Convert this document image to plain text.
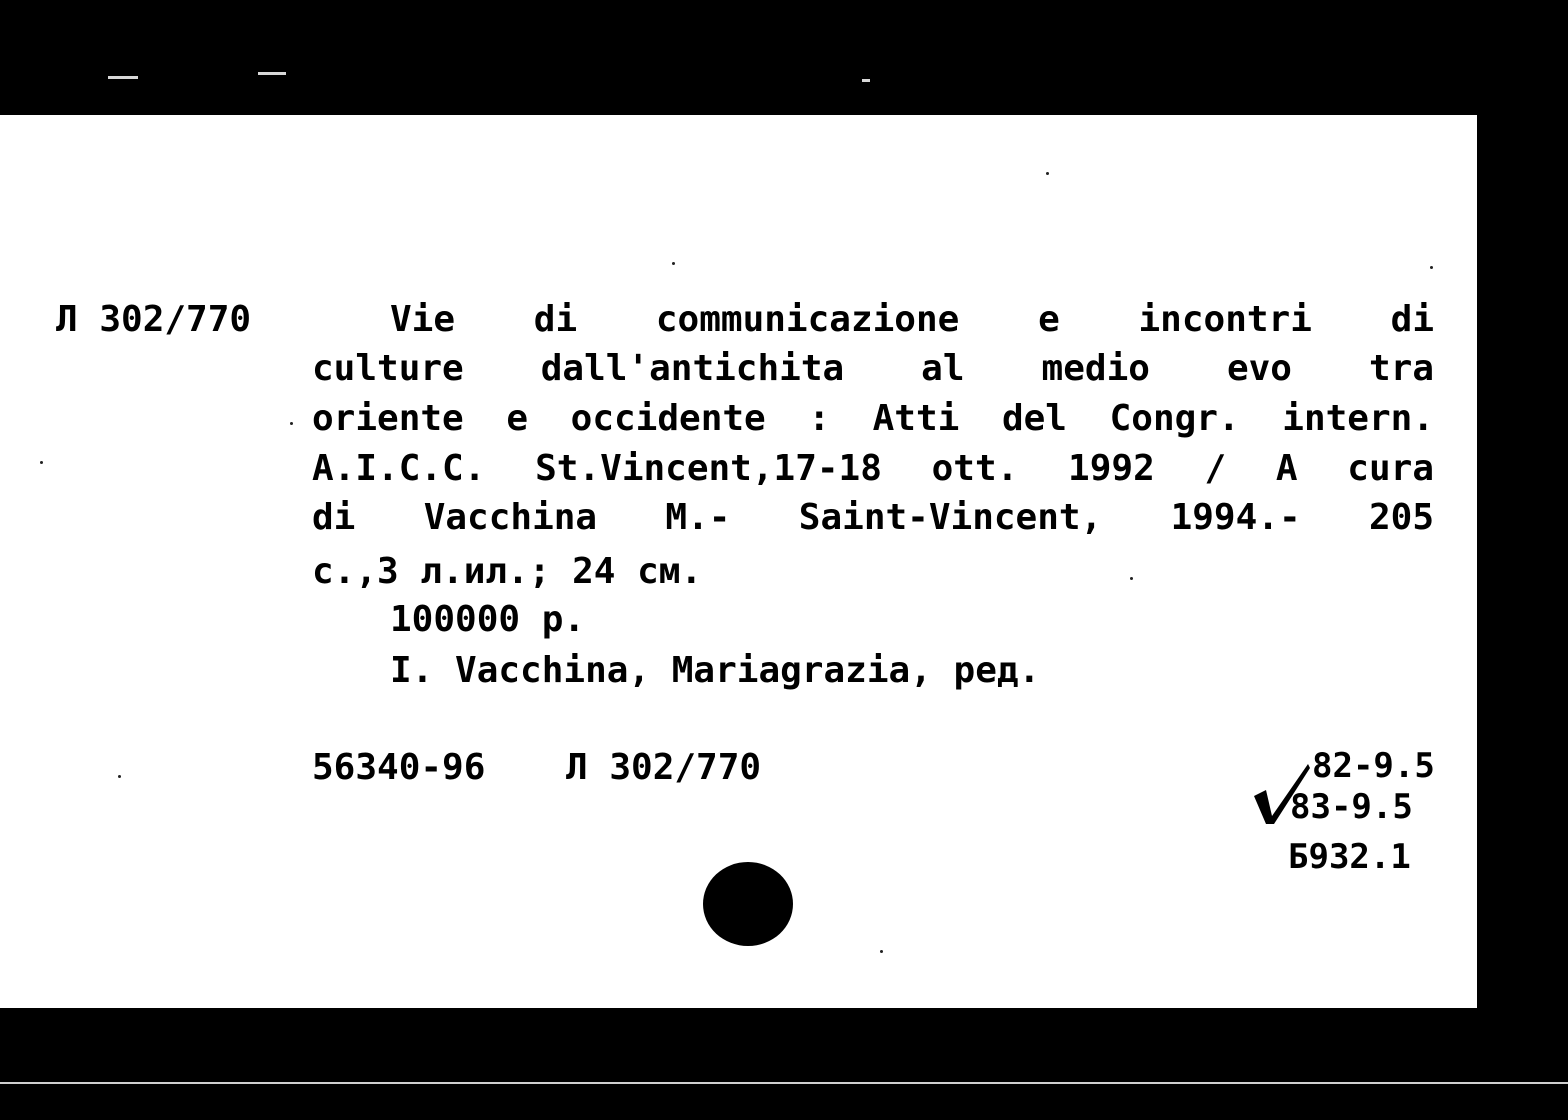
Л 302/770	Vie di communicazione e incontri di
culture dall'antichita al medio evo tra
oriente e occidente : Atti del Congr. intern.
A.I.C.C. St.Vincent,17-18 ott. 1992 / A cura
di Vacchina M.- Saint-Vincent, 1994.- 205
c.,3 л.ил.; 24 см.
100000 р.
I. Vacchina, Mariagrazia, ред.
56340-96 Л 302/770	82-9.5
83-9.5
Б932.1
